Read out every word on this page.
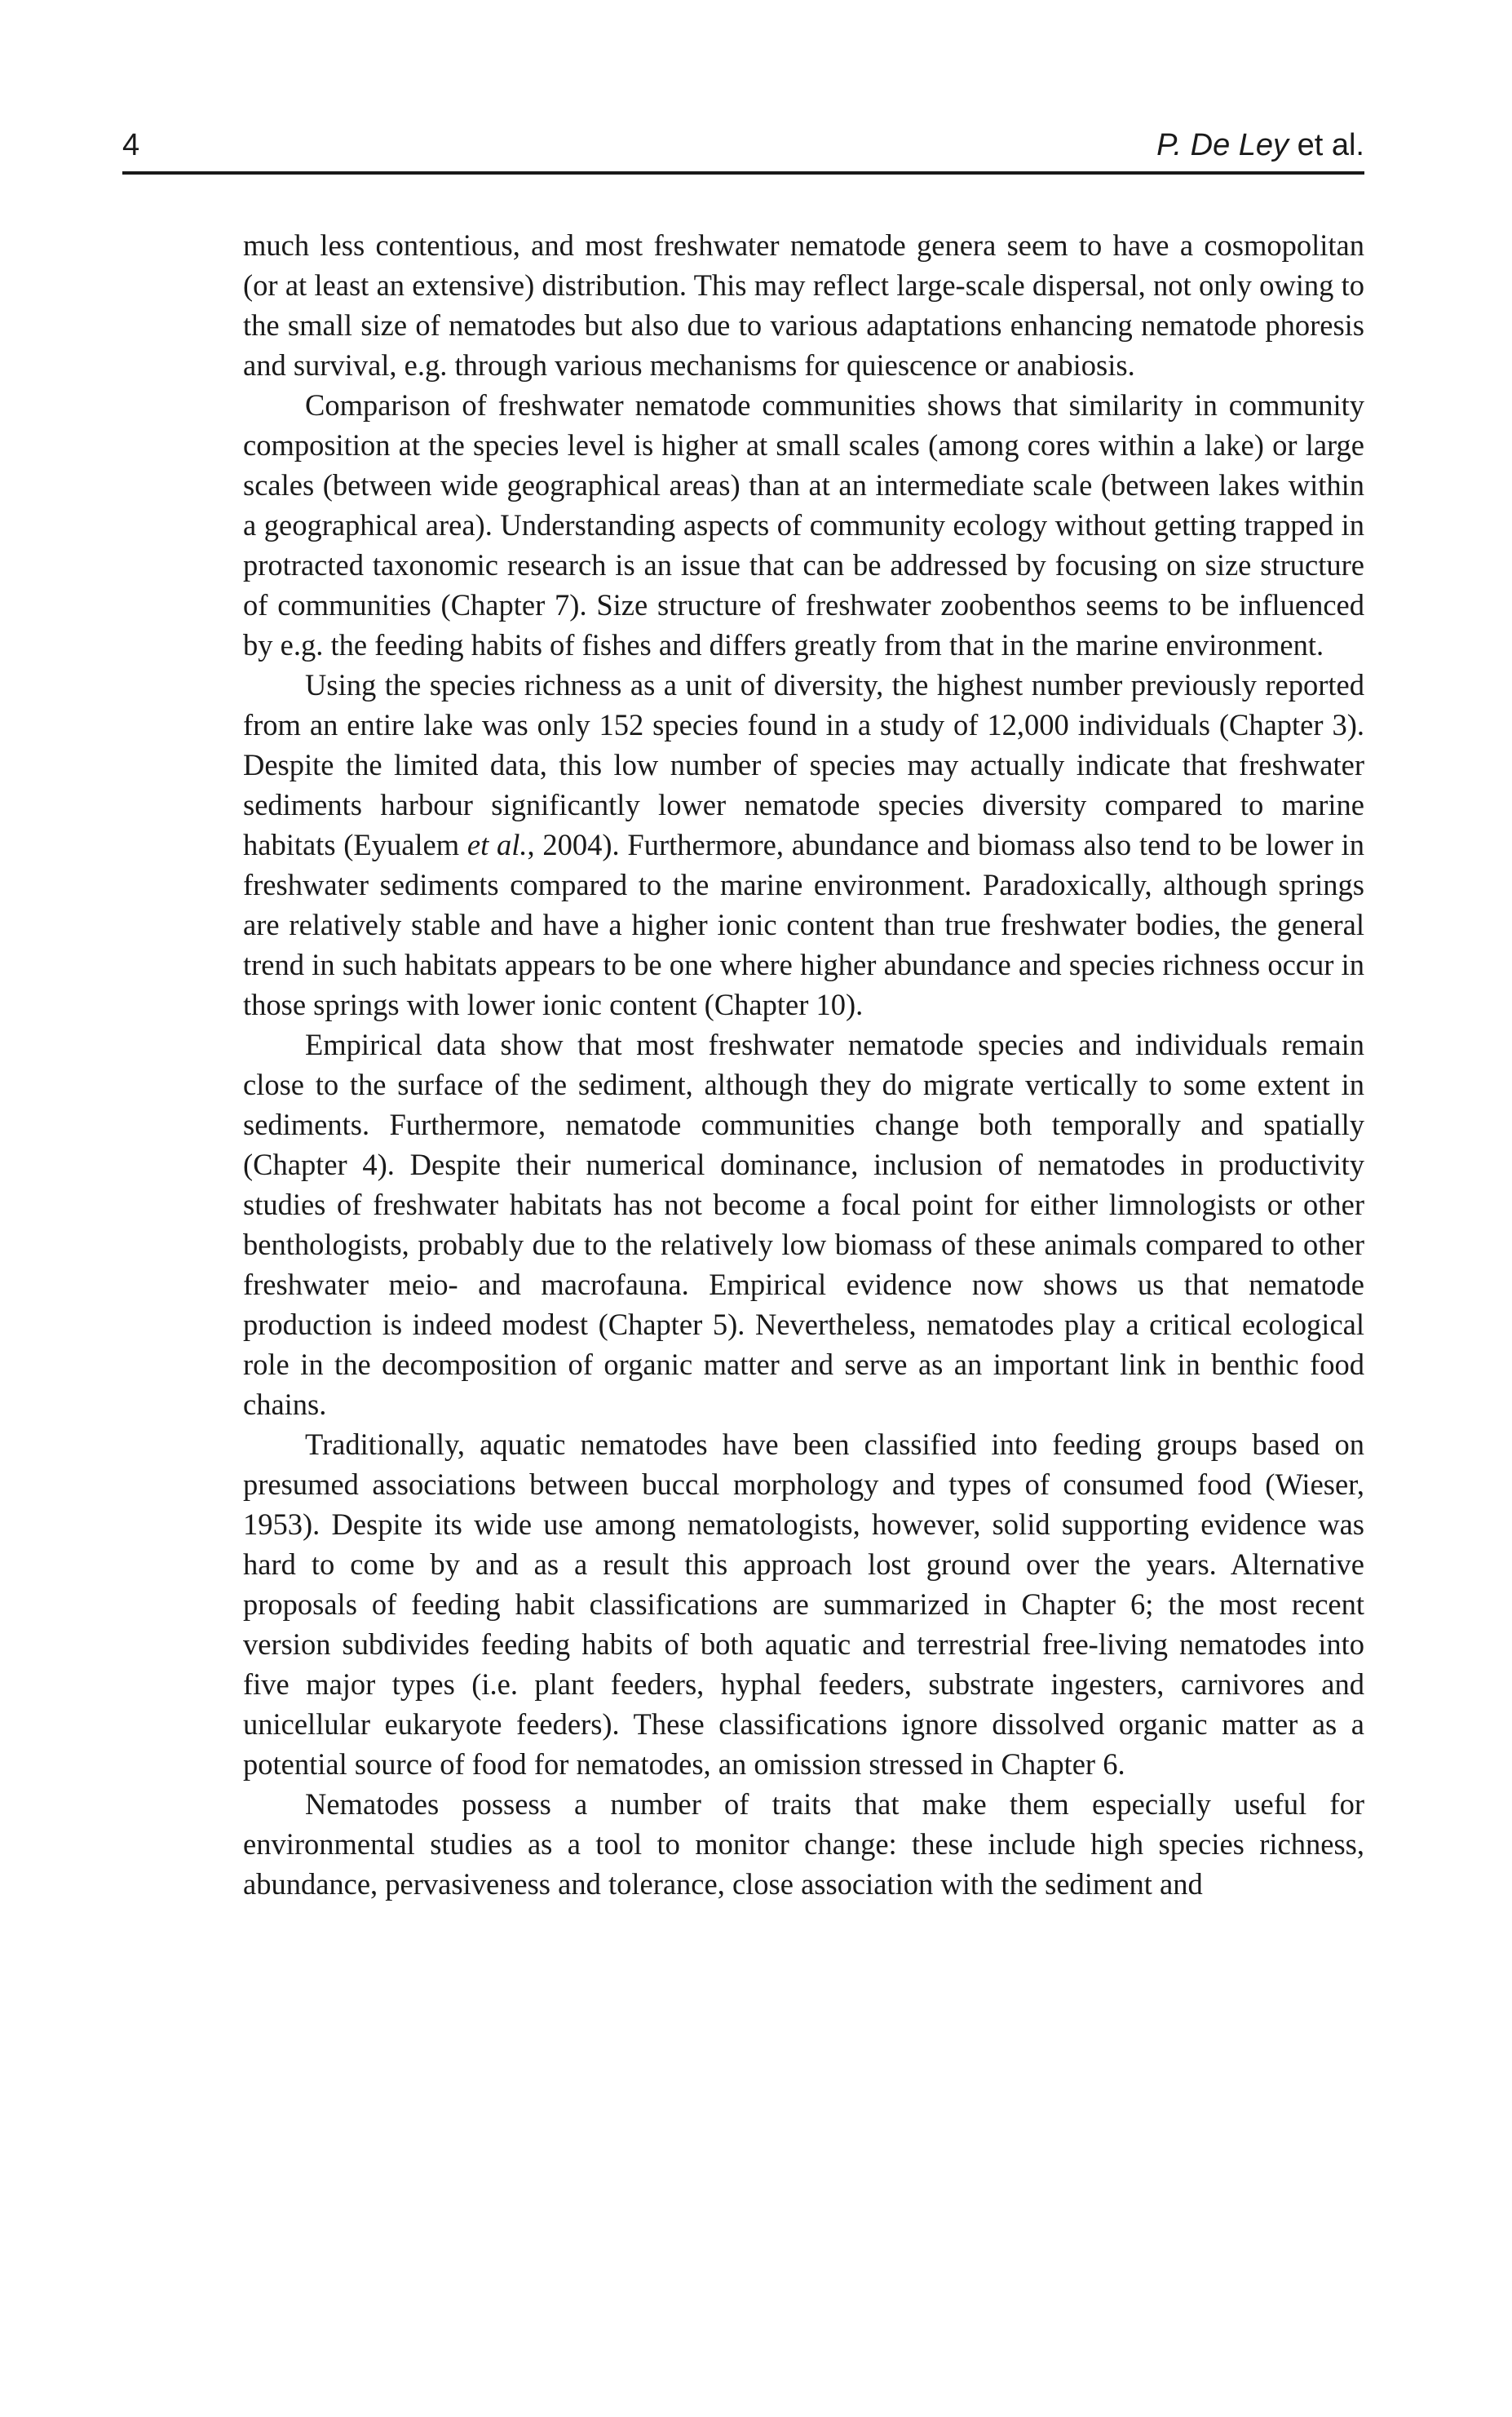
4	P. De Ley et al.

much less contentious, and most freshwater nematode genera seem to have a cosmopolitan (or at least an extensive) distribution. This may reflect large-scale dispersal, not only owing to the small size of nematodes but also due to various adaptations enhancing nematode phoresis and survival, e.g. through various mechanisms for quiescence or anabiosis.

Comparison of freshwater nematode communities shows that similarity in community composition at the species level is higher at small scales (among cores within a lake) or large scales (between wide geographical areas) than at an intermediate scale (between lakes within a geographical area). Understanding aspects of community ecology without getting trapped in protracted taxonomic research is an issue that can be addressed by focusing on size structure of communities (Chapter 7). Size structure of freshwater zoobenthos seems to be influenced by e.g. the feeding habits of fishes and differs greatly from that in the marine environment.

Using the species richness as a unit of diversity, the highest number previously reported from an entire lake was only 152 species found in a study of 12,000 individuals (Chapter 3). Despite the limited data, this low number of species may actually indicate that freshwater sediments harbour significantly lower nematode species diversity compared to marine habitats (Eyualem et al., 2004). Furthermore, abundance and biomass also tend to be lower in freshwater sediments compared to the marine environment. Paradoxically, although springs are relatively stable and have a higher ionic content than true freshwater bodies, the general trend in such habitats appears to be one where higher abundance and species richness occur in those springs with lower ionic content (Chapter 10).

Empirical data show that most freshwater nematode species and individuals remain close to the surface of the sediment, although they do migrate vertically to some extent in sediments. Furthermore, nematode communities change both temporally and spatially (Chapter 4). Despite their numerical dominance, inclusion of nematodes in productivity studies of freshwater habitats has not become a focal point for either limnologists or other benthologists, probably due to the relatively low biomass of these animals compared to other freshwater meio- and macrofauna. Empirical evidence now shows us that nematode production is indeed modest (Chapter 5). Nevertheless, nematodes play a critical ecological role in the decomposition of organic matter and serve as an important link in benthic food chains.

Traditionally, aquatic nematodes have been classified into feeding groups based on presumed associations between buccal morphology and types of consumed food (Wieser, 1953). Despite its wide use among nematologists, however, solid supporting evidence was hard to come by and as a result this approach lost ground over the years. Alternative proposals of feeding habit classifications are summarized in Chapter 6; the most recent version subdivides feeding habits of both aquatic and terrestrial free-living nematodes into five major types (i.e. plant feeders, hyphal feeders, substrate ingesters, carnivores and unicellular eukaryote feeders). These classifications ignore dissolved organic matter as a potential source of food for nematodes, an omission stressed in Chapter 6.

Nematodes possess a number of traits that make them especially useful for environmental studies as a tool to monitor change: these include high species richness, abundance, pervasiveness and tolerance, close association with the sediment and
